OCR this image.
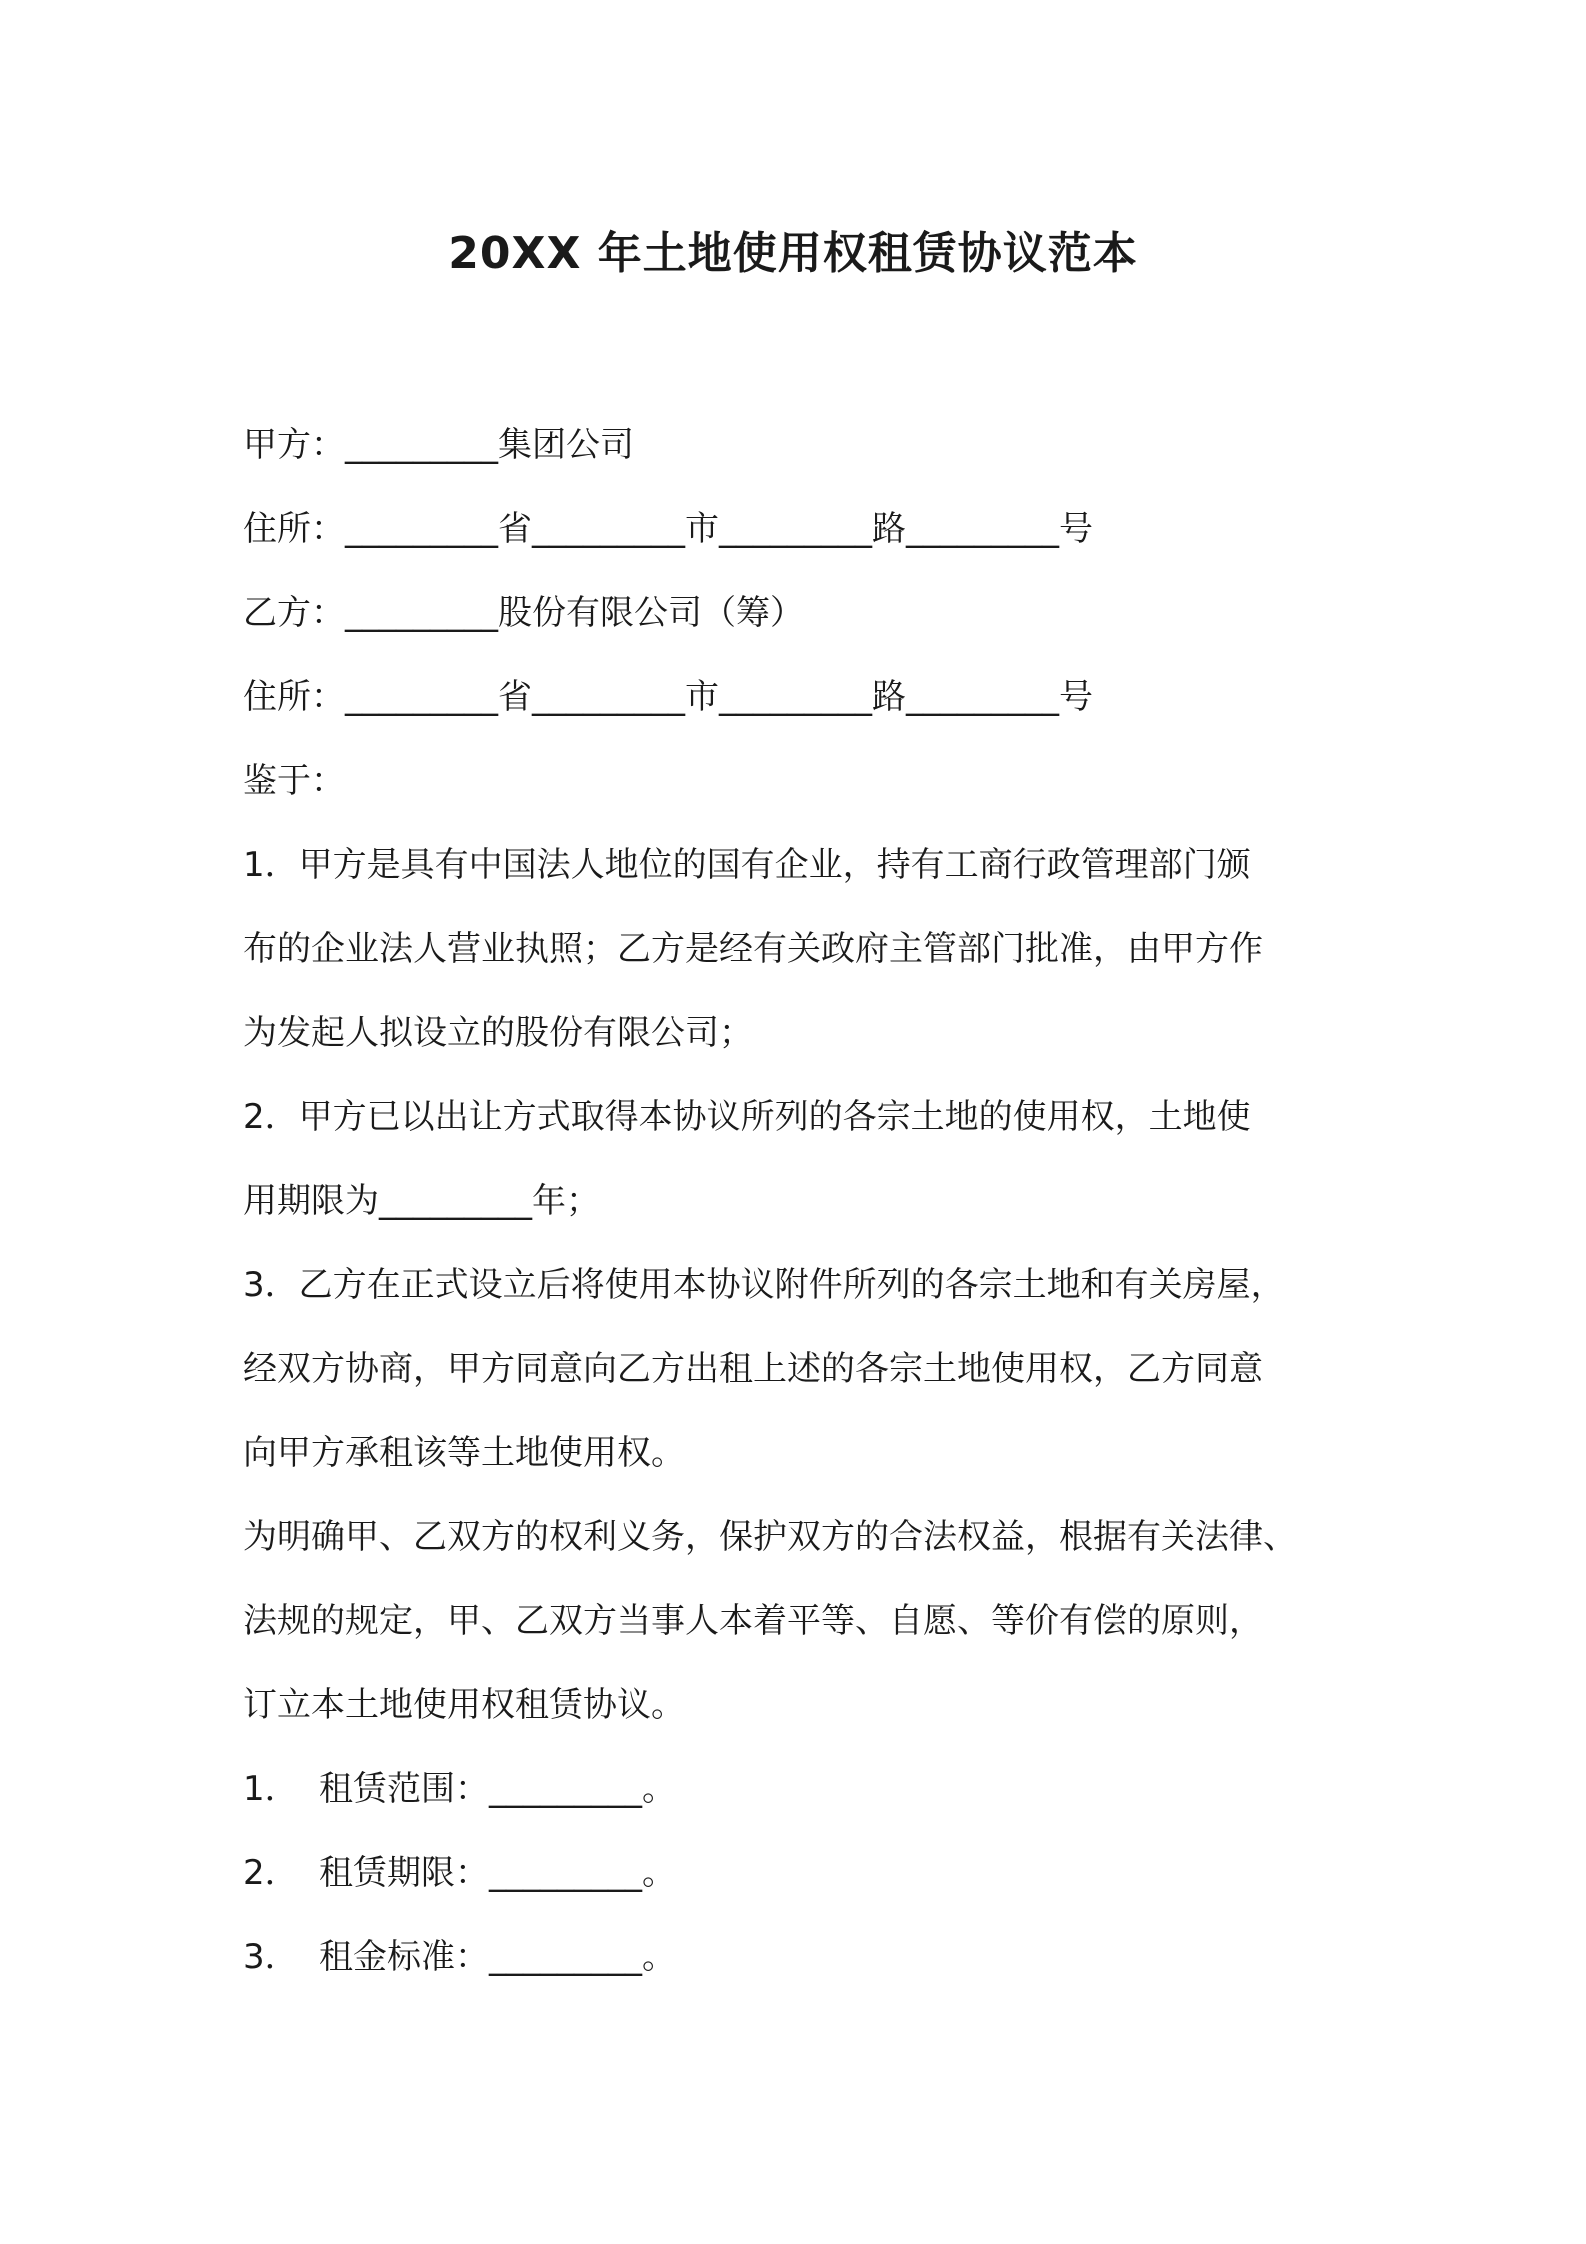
20XX 年土地使用权租赁协议范本
甲方：_________集团公司
住所：_________省_________市_________路_________号
乙方：_________股份有限公司（筹）
住所：_________省_________市_________路_________号
鉴于：
1．甲方是具有中国法人地位的国有企业，持有工商行政管理部门颁
布的企业法人营业执照；乙方是经有关政府主管部门批准，由甲方作
为发起人拟设立的股份有限公司；
2．甲方已以出让方式取得本协议所列的各宗土地的使用权，土地使
用期限为_________年；
3．乙方在正式设立后将使用本协议附件所列的各宗土地和有关房屋，
经双方协商，甲方同意向乙方出租上述的各宗土地使用权，乙方同意
向甲方承租该等土地使用权。
为明确甲、乙双方的权利义务，保护双方的合法权益，根据有关法律、
法规的规定，甲、乙双方当事人本着平等、自愿、等价有偿的原则，
订立本土地使用权租赁协议。
1． 租赁范围：_________。
2． 租赁期限：_________。
3． 租金标准：_________。
